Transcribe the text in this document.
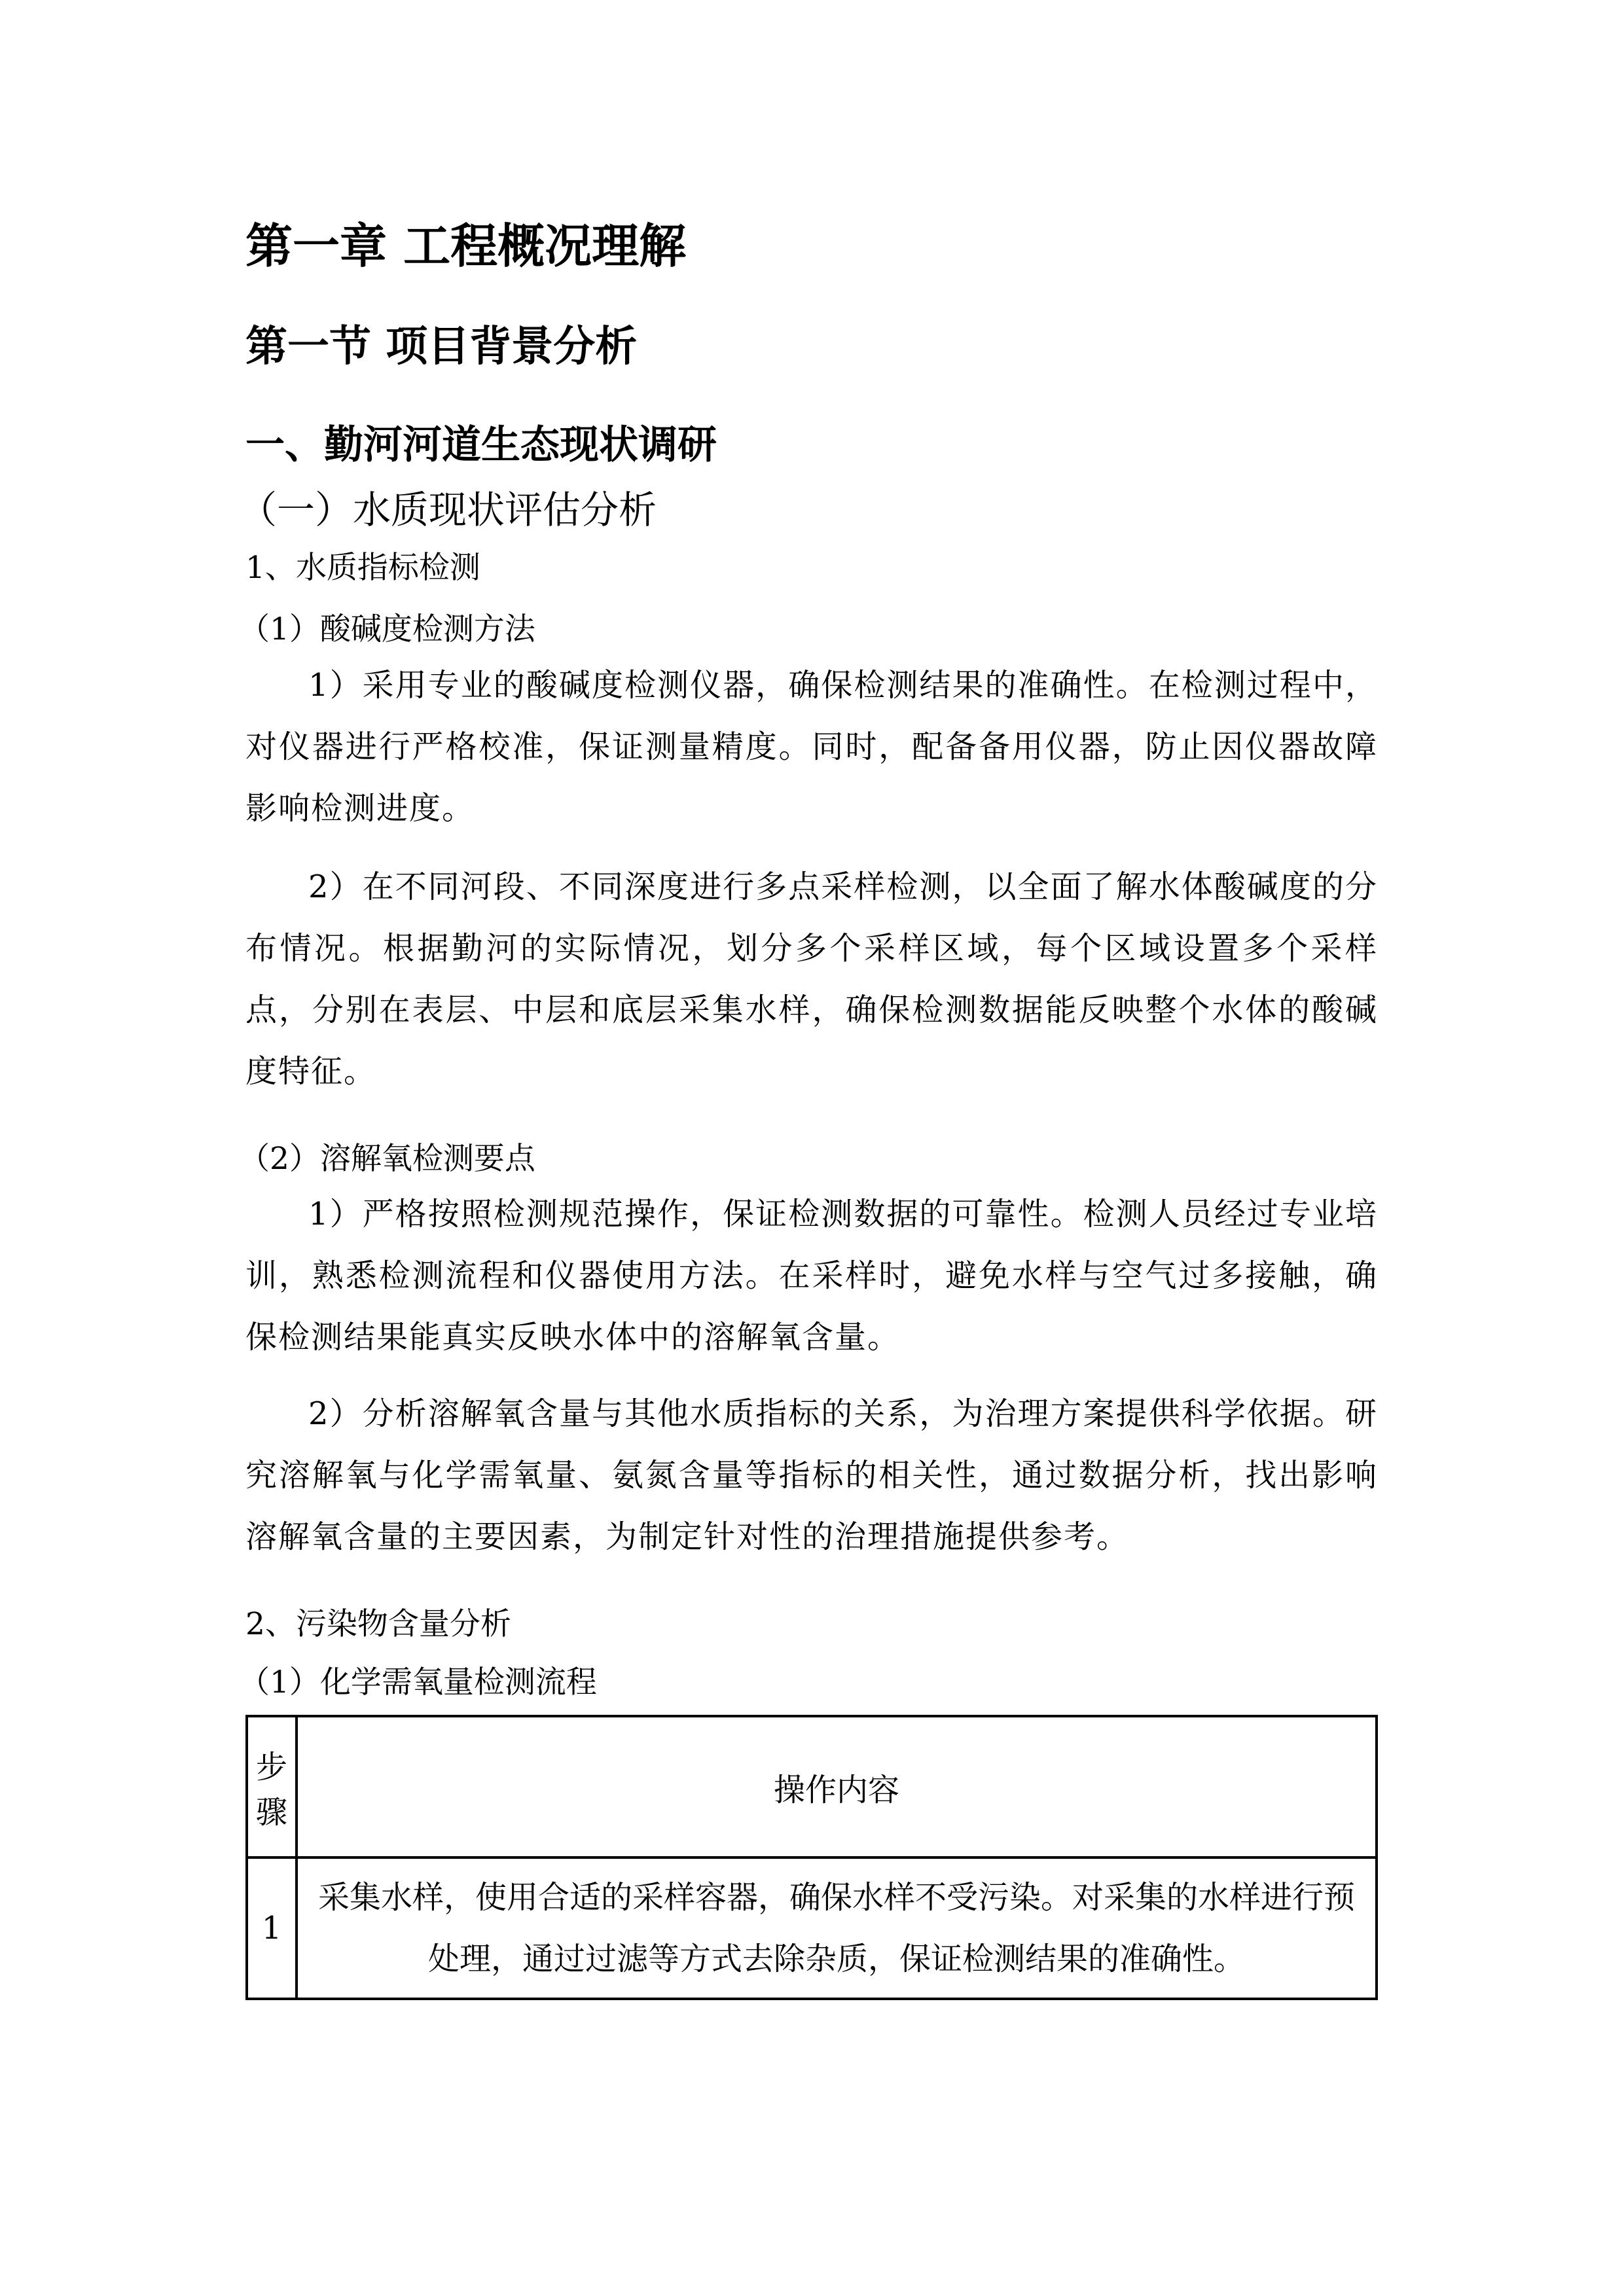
第一章 工程概况理解
第一节 项目背景分析
一、勤河河道生态现状调研
（一）水质现状评估分析
1、水质指标检测
（1）酸碱度检测方法

1）采用专业的酸碱度检测仪器，确保检测结果的准确性。在检测过程中，对仪器进行严格校准，保证测量精度。同时，配备备用仪器，防止因仪器故障影响检测进度。

2）在不同河段、不同深度进行多点采样检测，以全面了解水体酸碱度的分布情况。根据勤河的实际情况，划分多个采样区域，每个区域设置多个采样点，分别在表层、中层和底层采集水样，确保检测数据能反映整个水体的酸碱度特征。

（2）溶解氧检测要点

1）严格按照检测规范操作，保证检测数据的可靠性。检测人员经过专业培训，熟悉检测流程和仪器使用方法。在采样时，避免水样与空气过多接触，确保检测结果能真实反映水体中的溶解氧含量。

2）分析溶解氧含量与其他水质指标的关系，为治理方案提供科学依据。研究溶解氧与化学需氧量、氨氮含量等指标的相关性，通过数据分析，找出影响溶解氧含量的主要因素，为制定针对性的治理措施提供参考。

2、污染物含量分析
（1）化学需氧量检测流程
步骤	操作内容
1	采集水样，使用合适的采样容器，确保水样不受污染。对采集的水样进行预处理，通过过滤等方式去除杂质，保证检测结果的准确性。
